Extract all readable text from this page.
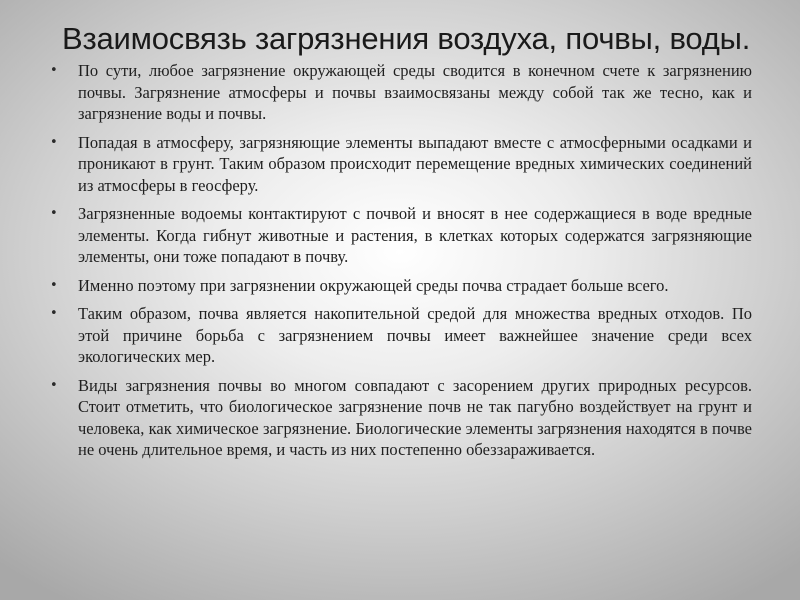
Взаимосвязь загрязнения воздуха, почвы, воды.
• По сути, любое загрязнение окружающей среды сводится в конечном счете к загрязнению почвы. Загрязнение атмосферы и почвы взаимосвязаны между собой так же тесно, как и загрязнение воды и почвы.
• Попадая в атмосферу, загрязняющие элементы выпадают вместе с атмосферными осадками и проникают в грунт. Таким образом происходит перемещение вредных химических соединений из атмосферы в геосферу.
• Загрязненные водоемы контактируют с почвой и вносят в нее содержащиеся в воде вредные элементы. Когда гибнут животные и растения, в клетках которых содержатся загрязняющие элементы, они тоже попадают в почву.
• Именно поэтому при загрязнении окружающей среды почва страдает больше всего.
• Таким образом, почва является накопительной средой для множества вредных отходов. По этой причине борьба с загрязнением почвы имеет важнейшее значение среди всех экологических мер.
• Виды загрязнения почвы во многом совпадают с засорением других природных ресурсов. Стоит отметить, что биологическое загрязнение почв не так пагубно воздействует на грунт и человека, как химическое загрязнение. Биологические элементы загрязнения находятся в почве не очень длительное время, и часть из них постепенно обеззараживается.
